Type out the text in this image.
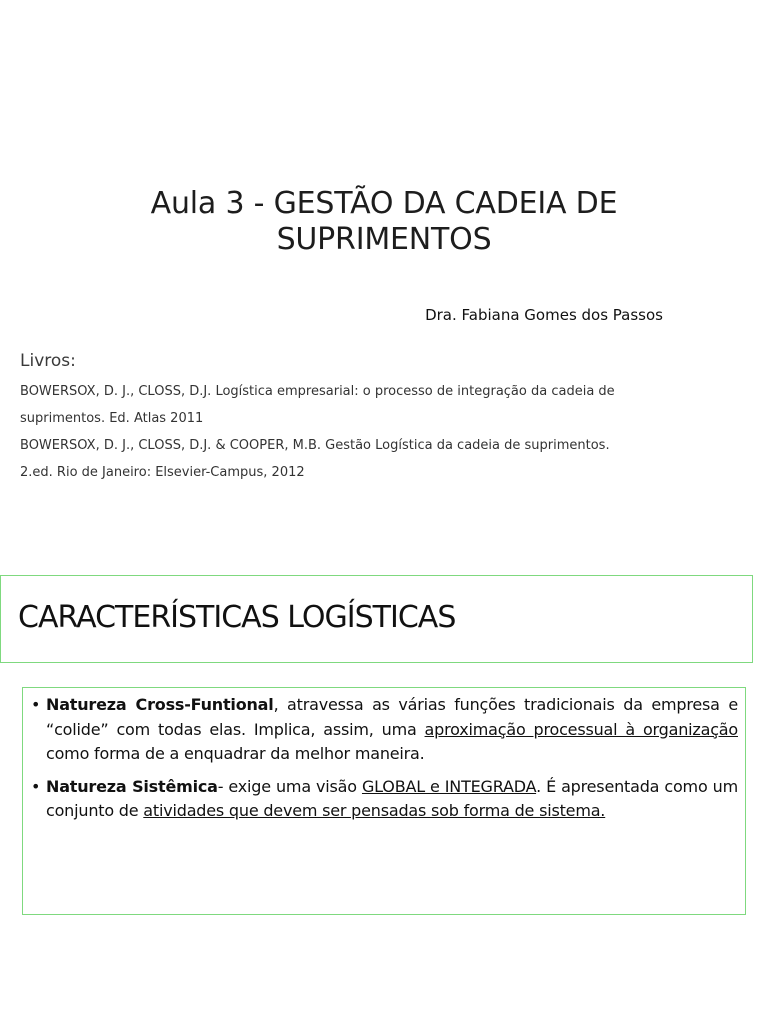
Aula 3 - GESTÃO DA CADEIA DE
SUPRIMENTOS
Dra. Fabiana Gomes dos Passos
Livros:
BOWERSOX, D. J., CLOSS, D.J. Logística empresarial: o processo de integração da cadeia de
suprimentos. Ed. Atlas 2011
BOWERSOX, D. J., CLOSS, D.J. & COOPER, M.B. Gestão Logística da cadeia de suprimentos.
2.ed. Rio de Janeiro: Elsevier-Campus, 2012
CARACTERÍSTICAS LOGÍSTICAS
• Natureza Cross-Funtional, atravessa as várias funções tradicionais da empresa e “colide” com todas elas. Implica, assim, uma aproximação processual à organização como forma de a enquadrar da melhor maneira.
• Natureza Sistêmica- exige uma visão GLOBAL e INTEGRADA. É apresentada como um conjunto de atividades que devem ser pensadas sob forma de sistema.
